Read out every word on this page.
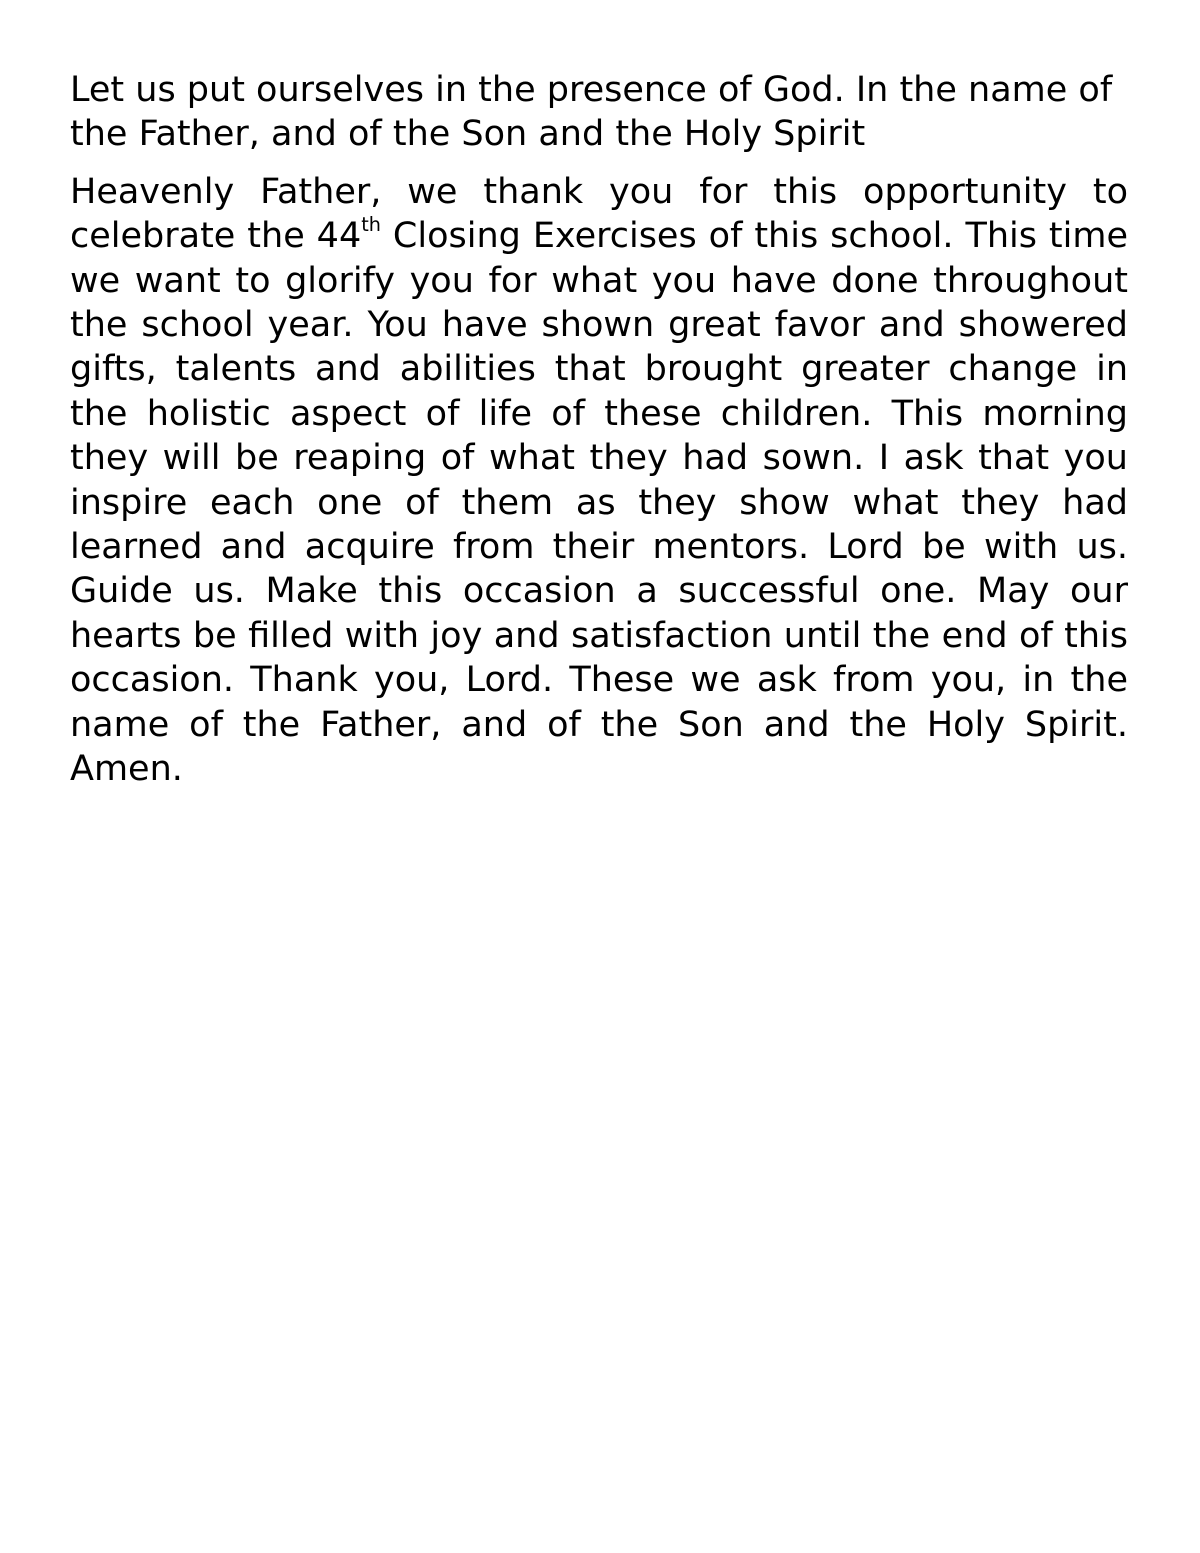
Let us put ourselves in the presence of God. In the name of the Father, and of the Son and the Holy Spirit

Heavenly Father, we thank you for this opportunity to celebrate the 44th Closing Exercises of this school. This time we want to glorify you for what you have done throughout the school year. You have shown great favor and showered gifts, talents and abilities that brought greater change in the holistic aspect of life of these children. This morning they will be reaping of what they had sown. I ask that you inspire each one of them as they show what they had learned and acquire from their mentors. Lord be with us. Guide us. Make this occasion a successful one. May our hearts be filled with joy and satisfaction until the end of this occasion. Thank you, Lord. These we ask from you, in the name of the Father, and of the Son and the Holy Spirit. Amen.
